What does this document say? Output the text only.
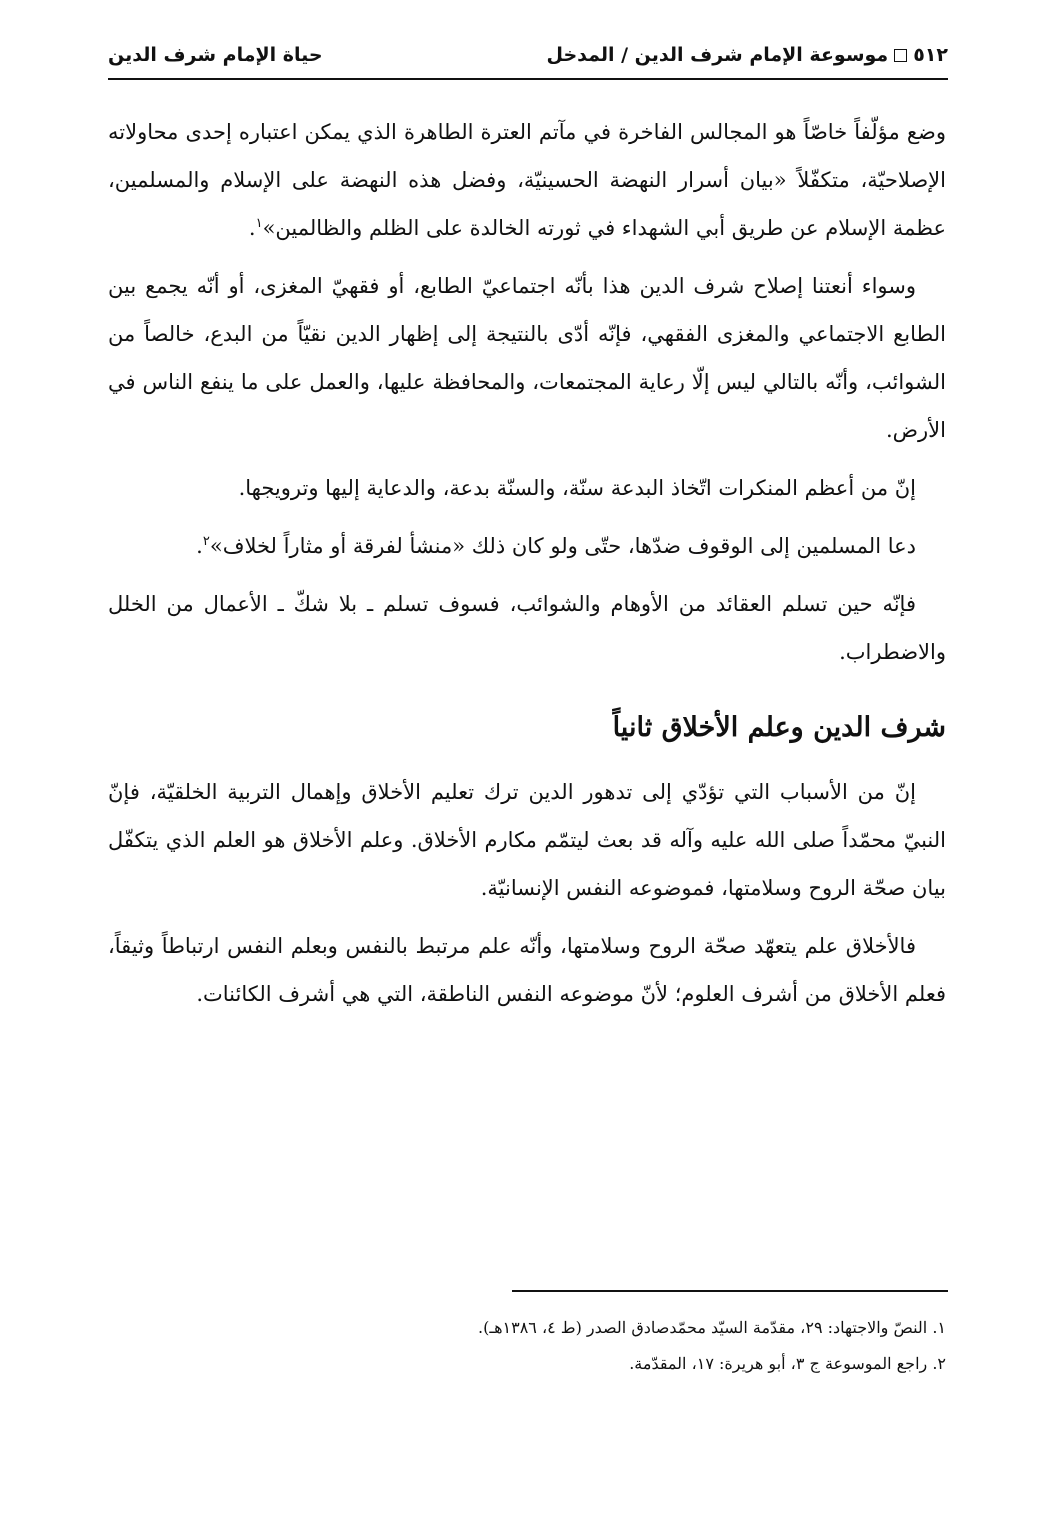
٥١٢موسوعة الإمام شرف الدين / المدخل
حياة الإمام شرف الدين

وضع مؤلّفاً خاصّاً هو المجالس الفاخرة في مآتم العترة الطاهرة الذي يمكن اعتباره إحدى محاولاته الإصلاحيّة، متكفّلاً «بيان أسرار النهضة الحسينيّة، وفضل هذه النهضة على الإسلام والمسلمين، عظمة الإسلام عن طريق أبي الشهداء في ثورته الخالدة على الظلم والظالمين»$^١$.

وسواء أنعتنا إصلاح شرف الدين هذا بأنّه اجتماعيّ الطابع، أو فقهيّ المغزى، أو أنّه يجمع بين الطابع الاجتماعي والمغزى الفقهي، فإنّه أدّى بالنتيجة إلى إظهار الدين نقيّاً من البدع، خالصاً من الشوائب، وأنّه بالتالي ليس إلّا رعاية المجتمعات، والمحافظة عليها، والعمل على ما ينفع الناس في الأرض.

إنّ من أعظم المنكرات اتّخاذ البدعة سنّة، والسنّة بدعة، والدعاية إليها وترويجها.

دعا المسلمين إلى الوقوف ضدّها، حتّى ولو كان ذلك «منشأ لفرقة أو مثاراً لخلاف»$^٢$.

فإنّه حين تسلم العقائد من الأوهام والشوائب، فسوف تسلم ـ بلا شكّ ـ الأعمال من الخلل والاضطراب.

شرف الدين وعلم الأخلاق ثانياً

إنّ من الأسباب التي تؤدّي إلى تدهور الدين ترك تعليم الأخلاق وإهمال التربية الخلقيّة، فإنّ النبيّ محمّداً صلى الله عليه وآله قد بعث ليتمّم مكارم الأخلاق. وعلم الأخلاق هو العلم الذي يتكفّل بيان صحّة الروح وسلامتها، فموضوعه النفس الإنسانيّة.

فالأخلاق علم يتعهّد صحّة الروح وسلامتها، وأنّه علم مرتبط بالنفس وبعلم النفس ارتباطاً وثيقاً، فعلم الأخلاق من أشرف العلوم؛ لأنّ موضوعه النفس الناطقة، التي هي أشرف الكائنات.

١. النصّ والاجتهاد: ٢٩، مقدّمة السيّد محمّدصادق الصدر (ط ٤، ١٣٨٦هـ).
٢. راجع الموسوعة ج ٣، أبو هريرة: ١٧، المقدّمة.
